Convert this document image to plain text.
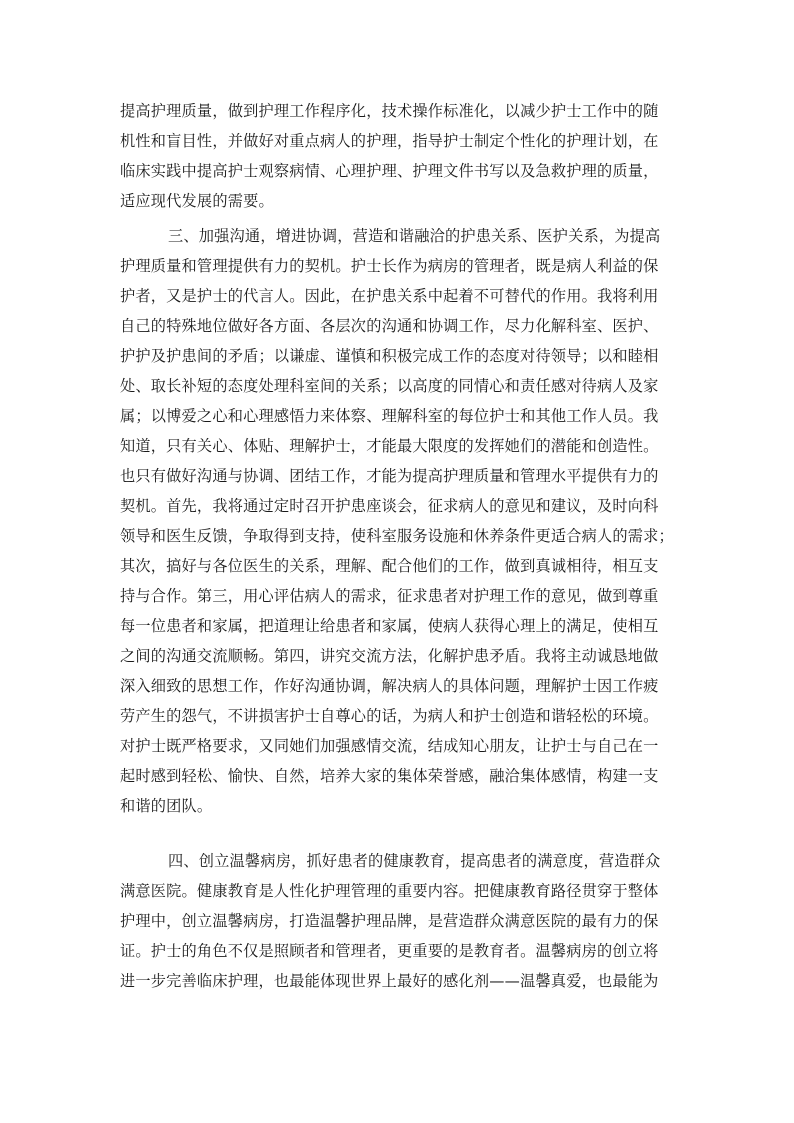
提高护理质量，做到护理工作程序化，技术操作标准化，以减少护士工作中的随
机性和盲目性，并做好对重点病人的护理，指导护士制定个性化的护理计划，在
临床实践中提高护士观察病情、心理护理、护理文件书写以及急救护理的质量，
适应现代发展的需要。
三、加强沟通，增进协调，营造和谐融洽的护患关系、医护关系，为提高
护理质量和管理提供有力的契机。护士长作为病房的管理者，既是病人利益的保
护者，又是护士的代言人。因此，在护患关系中起着不可替代的作用。我将利用
自己的特殊地位做好各方面、各层次的沟通和协调工作，尽力化解科室、医护、
护护及护患间的矛盾；以谦虚、谨慎和积极完成工作的态度对待领导；以和睦相
处、取长补短的态度处理科室间的关系；以高度的同情心和责任感对待病人及家
属；以博爱之心和心理感悟力来体察、理解科室的每位护士和其他工作人员。我
知道，只有关心、体贴、理解护士，才能最大限度的发挥她们的潜能和创造性。
也只有做好沟通与协调、团结工作，才能为提高护理质量和管理水平提供有力的
契机。首先，我将通过定时召开护患座谈会，征求病人的意见和建议，及时向科
领导和医生反馈，争取得到支持，使科室服务设施和休养条件更适合病人的需求；
其次，搞好与各位医生的关系，理解、配合他们的工作，做到真诚相待，相互支
持与合作。第三，用心评估病人的需求，征求患者对护理工作的意见，做到尊重
每一位患者和家属，把道理让给患者和家属，使病人获得心理上的满足，使相互
之间的沟通交流顺畅。第四，讲究交流方法，化解护患矛盾。我将主动诚恳地做
深入细致的思想工作，作好沟通协调，解决病人的具体问题，理解护士因工作疲
劳产生的怨气，不讲损害护士自尊心的话，为病人和护士创造和谐轻松的环境。
对护士既严格要求，又同她们加强感情交流，结成知心朋友，让护士与自己在一
起时感到轻松、愉快、自然，培养大家的集体荣誉感，融洽集体感情，构建一支
和谐的团队。
四、创立温馨病房，抓好患者的健康教育，提高患者的满意度，营造群众
满意医院。健康教育是人性化护理管理的重要内容。把健康教育路径贯穿于整体
护理中，创立温馨病房，打造温馨护理品牌，是营造群众满意医院的最有力的保
证。护士的角色不仅是照顾者和管理者，更重要的是教育者。温馨病房的创立将
进一步完善临床护理，也最能体现世界上最好的感化剂——温馨真爱，也最能为
